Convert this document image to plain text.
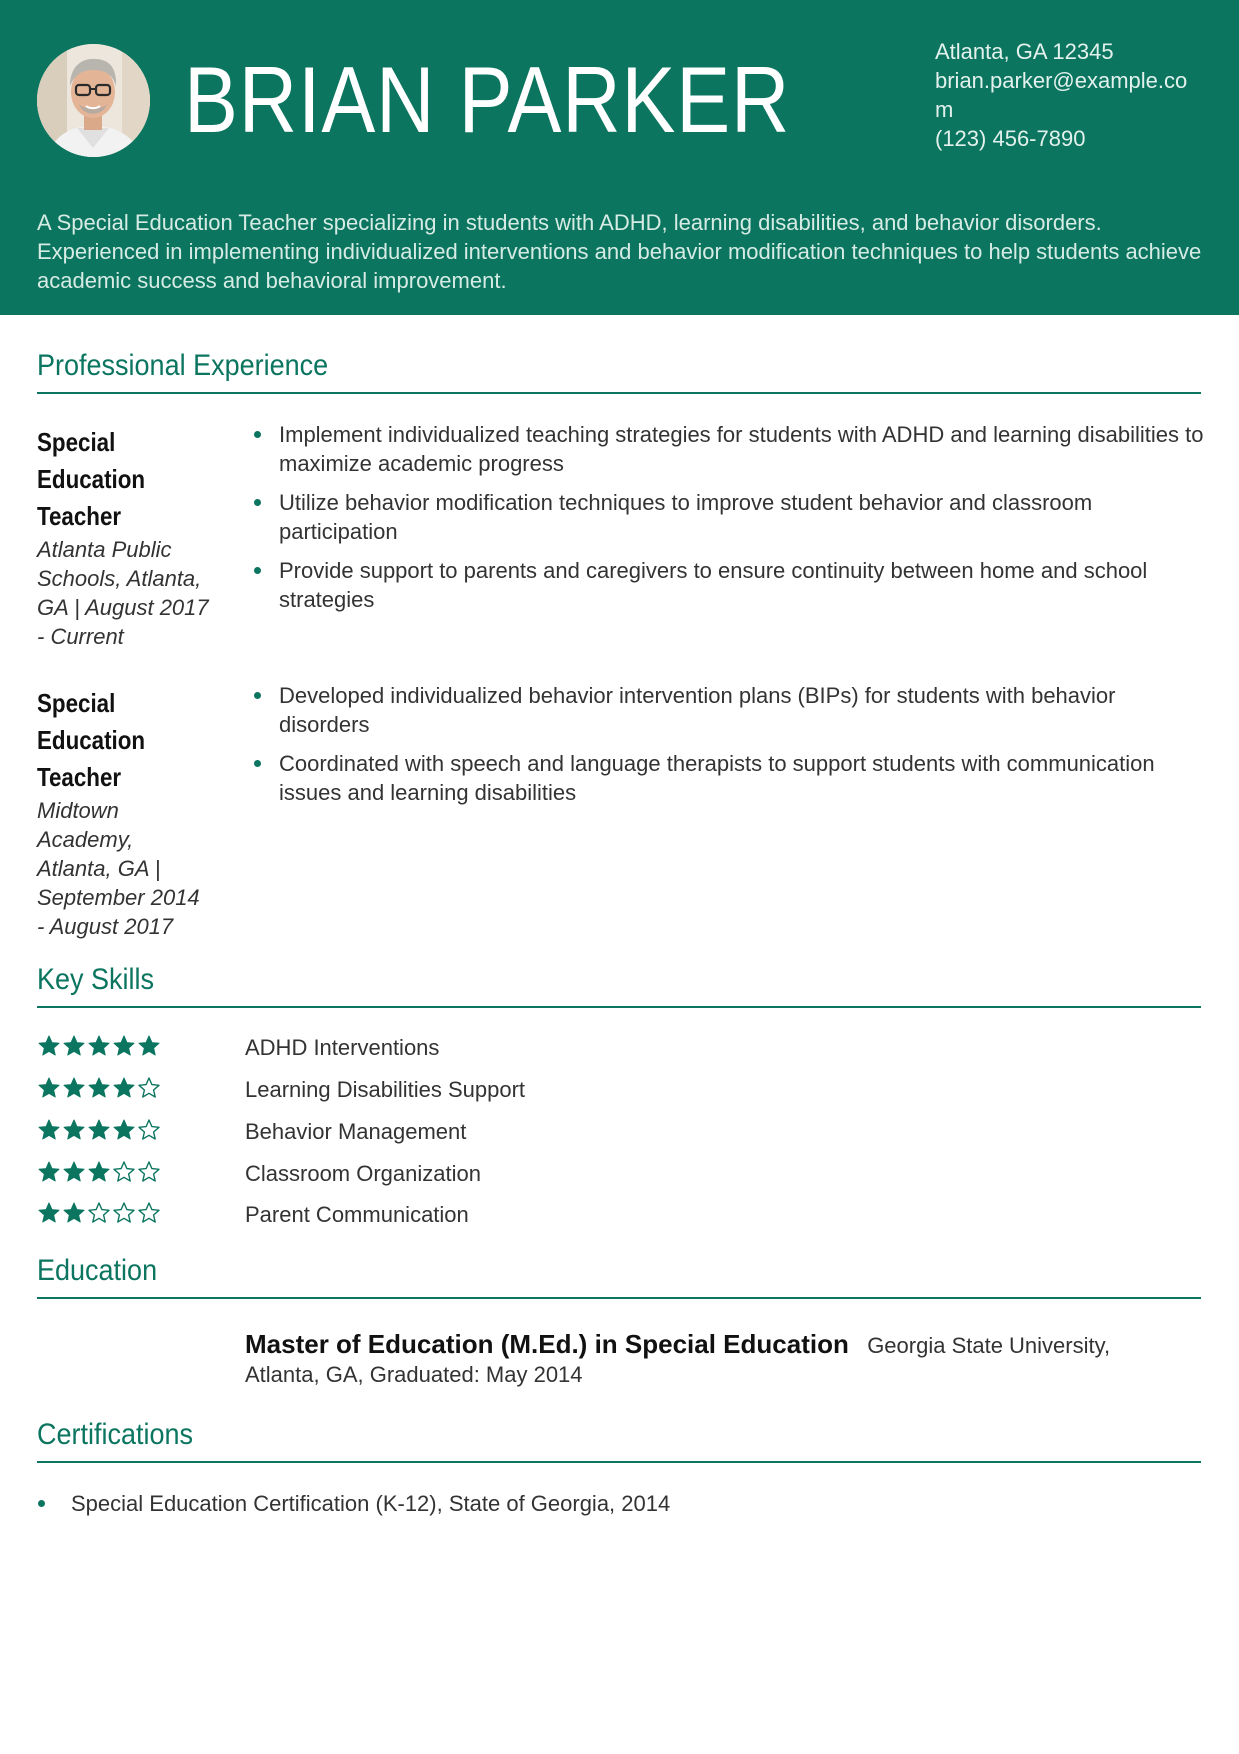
BRIAN PARKER	Atlanta, GA 12345
brian.parker@example.com
(123) 456-7890
A Special Education Teacher specializing in students with ADHD, learning disabilities, and behavior disorders. Experienced in implementing individualized interventions and behavior modification techniques to help students achieve academic success and behavioral improvement.
Professional Experience
Special Education Teacher
Atlanta Public Schools, Atlanta, GA | August 2017 - Current
Implement individualized teaching strategies for students with ADHD and learning disabilities to maximize academic progress
Utilize behavior modification techniques to improve student behavior and classroom participation
Provide support to parents and caregivers to ensure continuity between home and school strategies
Special Education Teacher
Midtown Academy, Atlanta, GA | September 2014 - August 2017
Developed individualized behavior intervention plans (BIPs) for students with behavior disorders
Coordinated with speech and language therapists to support students with communication issues and learning disabilities
Key Skills
ADHD Interventions
Learning Disabilities Support
Behavior Management
Classroom Organization
Parent Communication
Education
Master of Education (M.Ed.) in Special Education Georgia State University, Atlanta, GA, Graduated: May 2014
Certifications
Special Education Certification (K-12), State of Georgia, 2014
